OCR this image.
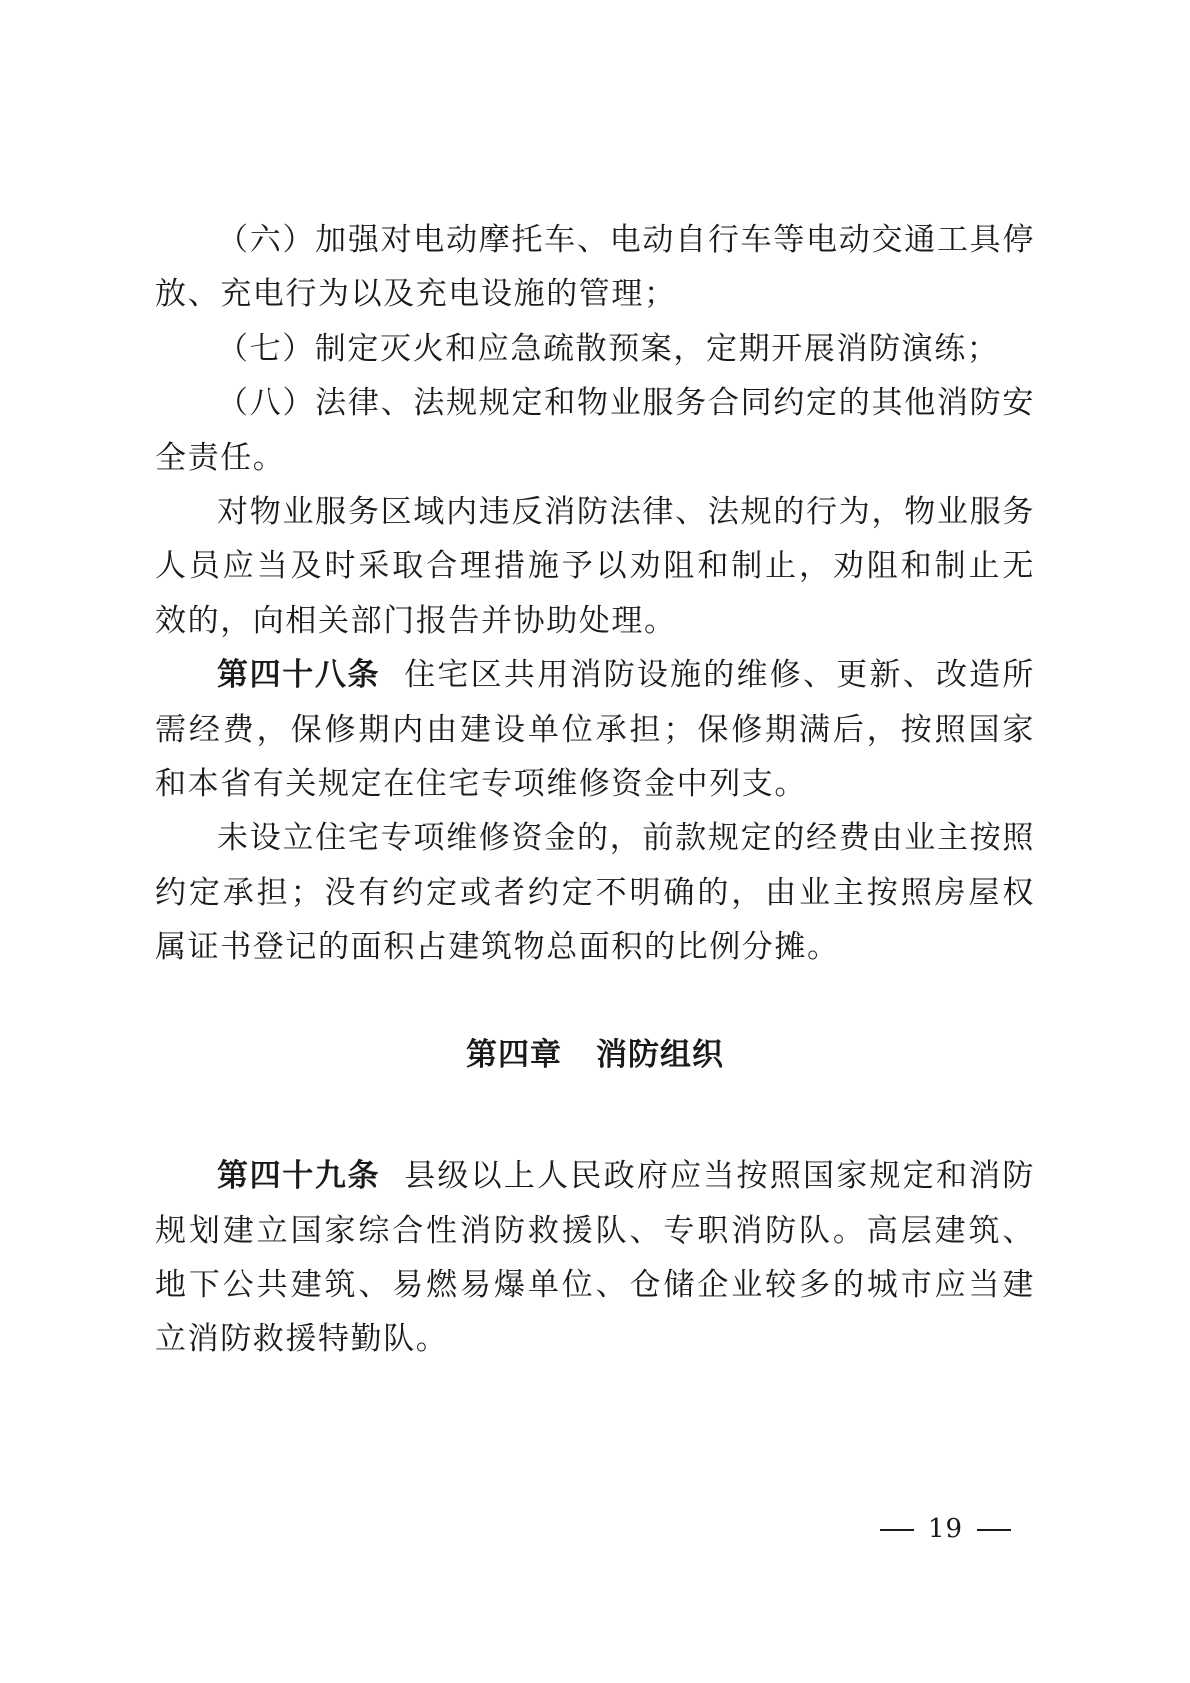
（六）加强对电动摩托车、电动自行车等电动交通工具停放、充电行为以及充电设施的管理；

（七）制定灭火和应急疏散预案，定期开展消防演练；

（八）法律、法规规定和物业服务合同约定的其他消防安全责任。

对物业服务区域内违反消防法律、法规的行为，物业服务人员应当及时采取合理措施予以劝阻和制止，劝阻和制止无效的，向相关部门报告并协助处理。

第四十八条 住宅区共用消防设施的维修、更新、改造所需经费，保修期内由建设单位承担；保修期满后，按照国家和本省有关规定在住宅专项维修资金中列支。

未设立住宅专项维修资金的，前款规定的经费由业主按照约定承担；没有约定或者约定不明确的，由业主按照房屋权属证书登记的面积占建筑物总面积的比例分摊。

第四章 消防组织

第四十九条 县级以上人民政府应当按照国家规定和消防规划建立国家综合性消防救援队、专职消防队。高层建筑、地下公共建筑、易燃易爆单位、仓储企业较多的城市应当建立消防救援特勤队。

19
